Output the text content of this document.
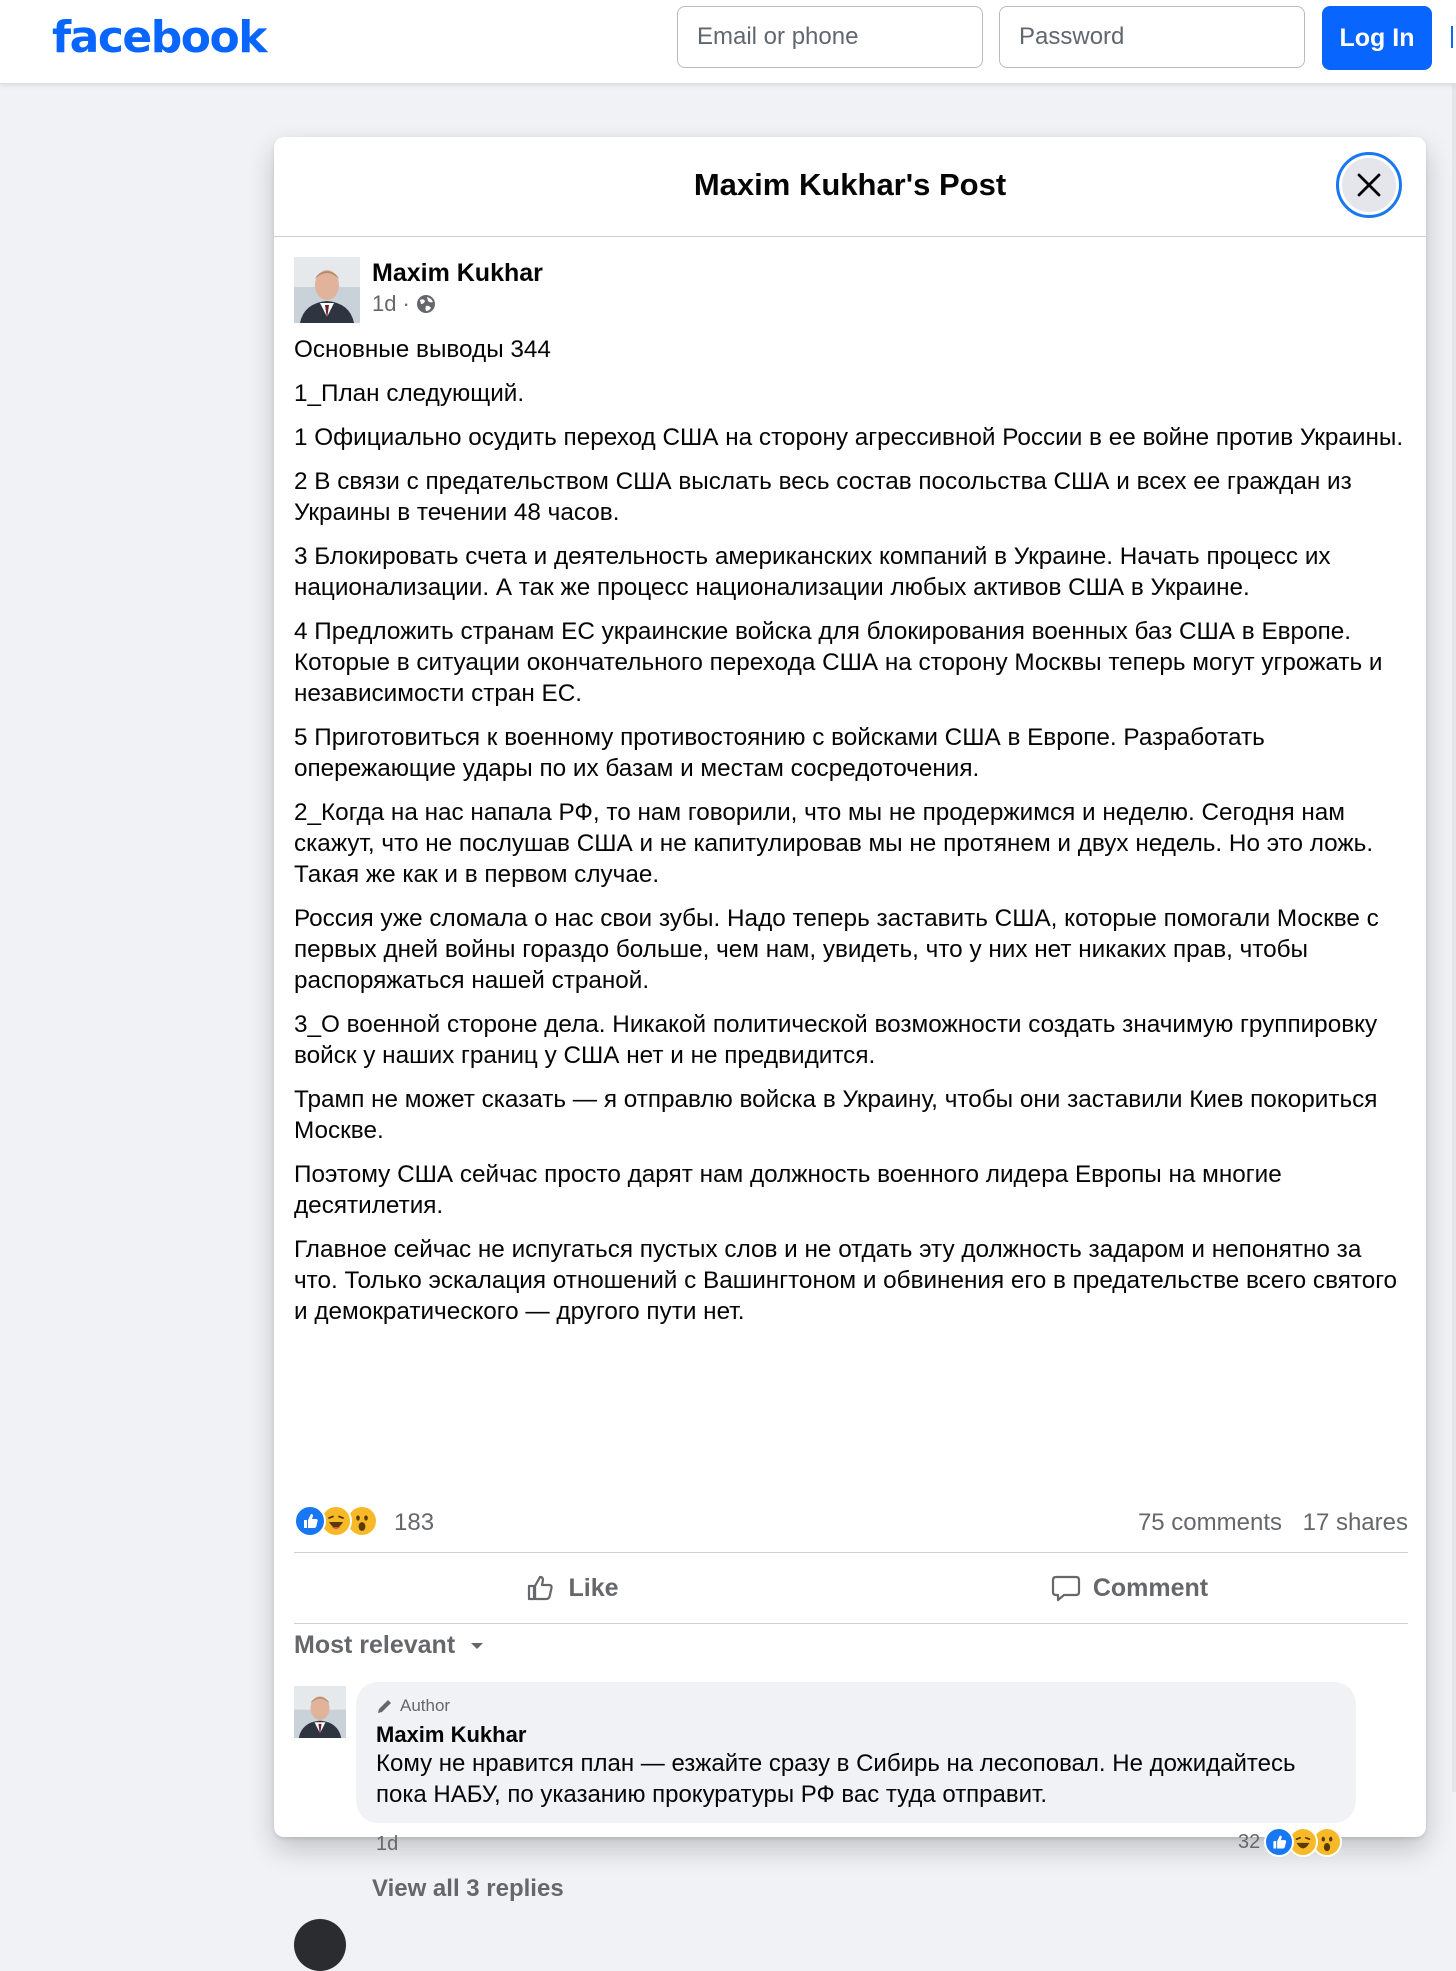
facebook
Email or phone	Log In
Maxim Kukhar's Post
Maxim Kukhar
1d ·

Основные выводы 344

1_План следующий.

1 Официально осудить переход США на сторону агрессивной России в ее войне против Украины.

2 В связи с предательством США выслать весь состав посольства США и всех ее граждан из Украины в течении 48 часов.

3 Блокировать счета и деятельность американских компаний в Украине. Начать процесс их национализации. А так же процесс национализации любых активов США в Украине.

4 Предложить странам ЕС украинские войска для блокирования военных баз США в Европе. Которые в ситуации окончательного перехода США на сторону Москвы теперь могут угрожать и независимости стран ЕС.

5 Приготовиться к военному противостоянию с войсками США в Европе. Разработать опережающие удары по их базам и местам сосредоточения.

2_Когда на нас напала РФ, то нам говорили, что мы не продержимся и неделю. Сегодня нам скажут, что не послушав США и не капитулировав мы не протянем и двух недель. Но это ложь. Такая же как и в первом случае.

Россия уже сломала о нас свои зубы. Надо теперь заставить США, которые помогали Москве с первых дней войны гораздо больше, чем нам, увидеть, что у них нет никаких прав, чтобы распоряжаться нашей страной.

3_О военной стороне дела. Никакой политической возможности создать значимую группировку войск у наших границ у США нет и не предвидится.

Трамп не может сказать — я отправлю войска в Украину, чтобы они заставили Киев покориться Москве.

Поэтому США сейчас просто дарят нам должность военного лидера Европы на многие десятилетия.

Главное сейчас не испугаться пустых слов и не отдать эту должность задаром и непонятно за что. Только эскалация отношений с Вашингтоном и обвинения его в предательстве всего святого и демократического — другого пути нет.

183	75 comments 17 shares
Like	Comment
Most relevant
Author
Maxim Kukhar
Кому не нравится план — езжайте сразу в Сибирь на лесоповал. Не дожидайтесь пока НАБУ, по указанию прокуратуры РФ вас туда отправит.
1d	32
View all 3 replies
